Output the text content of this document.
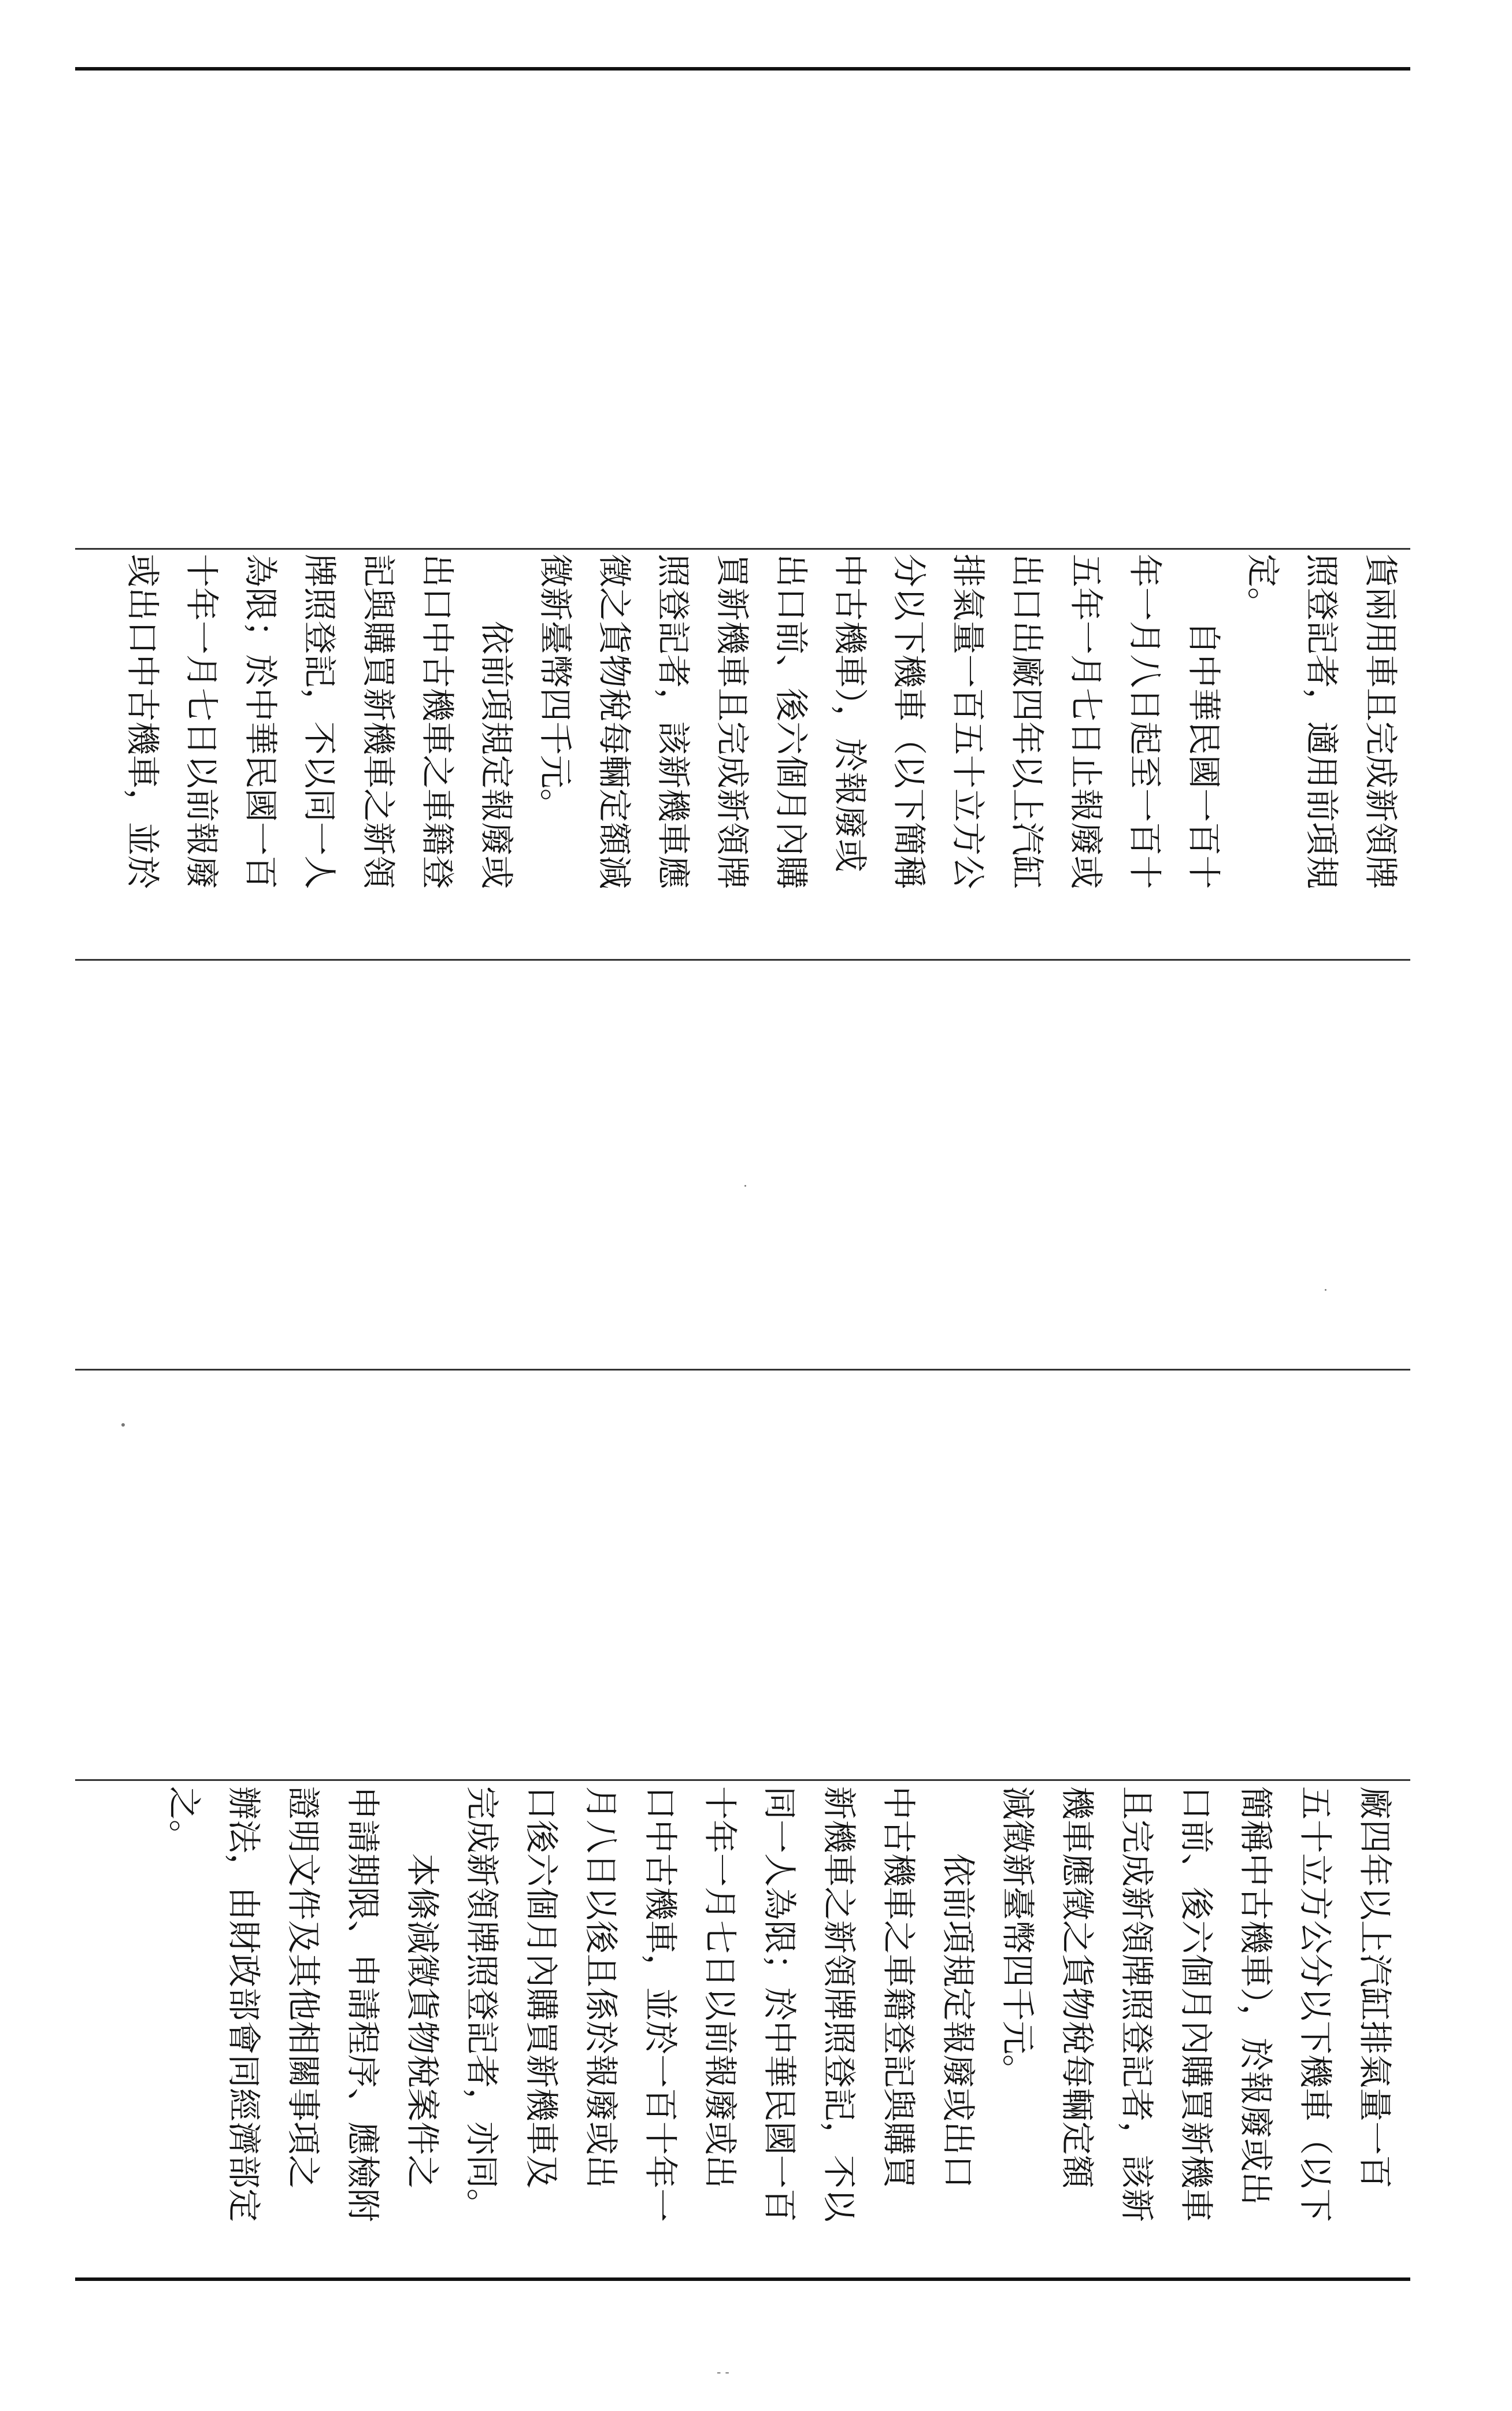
貨兩用車且完成新領牌
照登記者，適用前項規
定。
　　自中華民國一百十
年一月八日起至一百十
五年一月七日止報廢或
出口出廠四年以上汽缸
排氣量一百五十立方公
分以下機車（以下簡稱
中古機車），於報廢或
出口前、後六個月內購
買新機車且完成新領牌
照登記者，該新機車應
徵之貨物稅每輛定額減
徵新臺幣四千元。
　　依前項規定報廢或
出口中古機車之車籍登
記與購買新機車之新領
牌照登記，不以同一人
為限；於中華民國一百
十年一月七日以前報廢
或出口中古機車，並於
廠四年以上汽缸排氣量一百
五十立方公分以下機車（以下
簡稱中古機車），於報廢或出
口前、後六個月內購買新機車
且完成新領牌照登記者，該新
機車應徵之貨物稅每輛定額
減徵新臺幣四千元。
　　依前項規定報廢或出口
中古機車之車籍登記與購買
新機車之新領牌照登記，不以
同一人為限；於中華民國一百
十年一月七日以前報廢或出
口中古機車，並於一百十年一
月八日以後且係於報廢或出
口後六個月內購買新機車及
完成新領牌照登記者，亦同。
　　本條減徵貨物稅案件之
申請期限、申請程序、應檢附
證明文件及其他相關事項之
辦法，由財政部會同經濟部定
之。
- -
